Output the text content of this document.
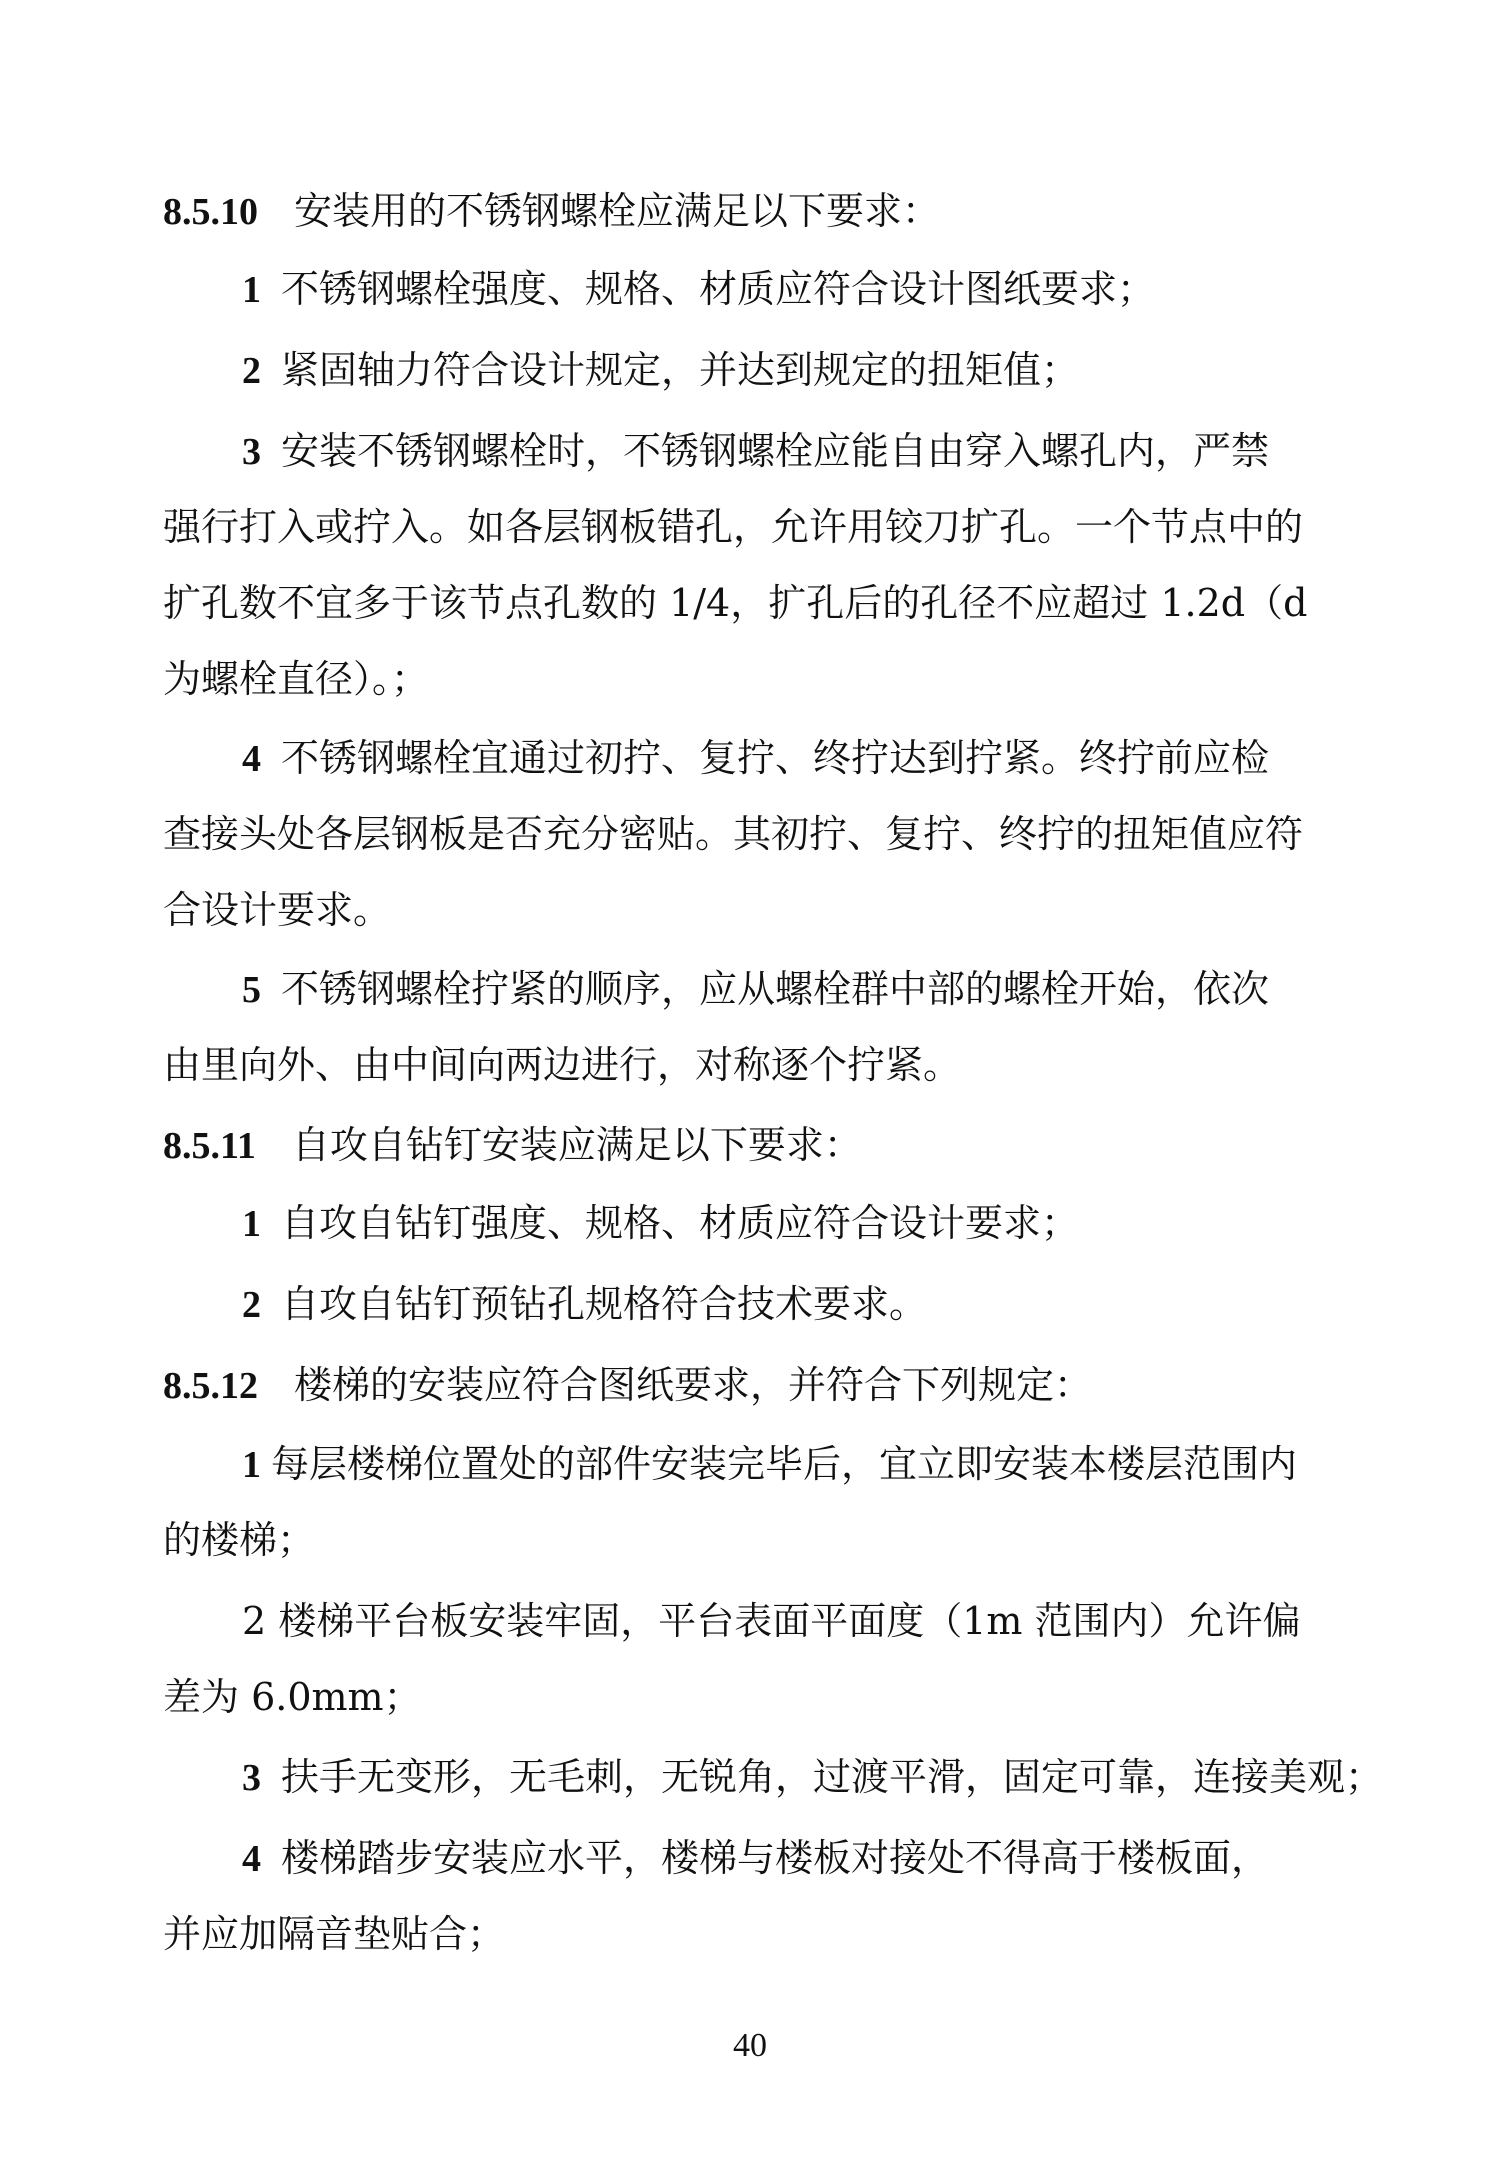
8.5.10 安装用的不锈钢螺栓应满足以下要求：
1 不锈钢螺栓强度、规格、材质应符合设计图纸要求；
2 紧固轴力符合设计规定，并达到规定的扭矩值；
3 安装不锈钢螺栓时，不锈钢螺栓应能自由穿入螺孔内，严禁
强行打入或拧入。如各层钢板错孔，允许用铰刀扩孔。一个节点中的
扩孔数不宜多于该节点孔数的 1/4，扩孔后的孔径不应超过 1.2d（d
为螺栓直径）。；
4 不锈钢螺栓宜通过初拧、复拧、终拧达到拧紧。终拧前应检
查接头处各层钢板是否充分密贴。其初拧、复拧、终拧的扭矩值应符
合设计要求。
5 不锈钢螺栓拧紧的顺序，应从螺栓群中部的螺栓开始，依次
由里向外、由中间向两边进行，对称逐个拧紧。
8.5.11 自攻自钻钉安装应满足以下要求：
1 自攻自钻钉强度、规格、材质应符合设计要求；
2 自攻自钻钉预钻孔规格符合技术要求。
8.5.12 楼梯的安装应符合图纸要求，并符合下列规定：
1 每层楼梯位置处的部件安装完毕后，宜立即安装本楼层范围内
的楼梯；
2 楼梯平台板安装牢固，平台表面平面度（1m 范围内）允许偏
差为 6.0mm；
3 扶手无变形，无毛刺，无锐角，过渡平滑，固定可靠，连接美观；
4 楼梯踏步安装应水平，楼梯与楼板对接处不得高于楼板面，
并应加隔音垫贴合；
40
